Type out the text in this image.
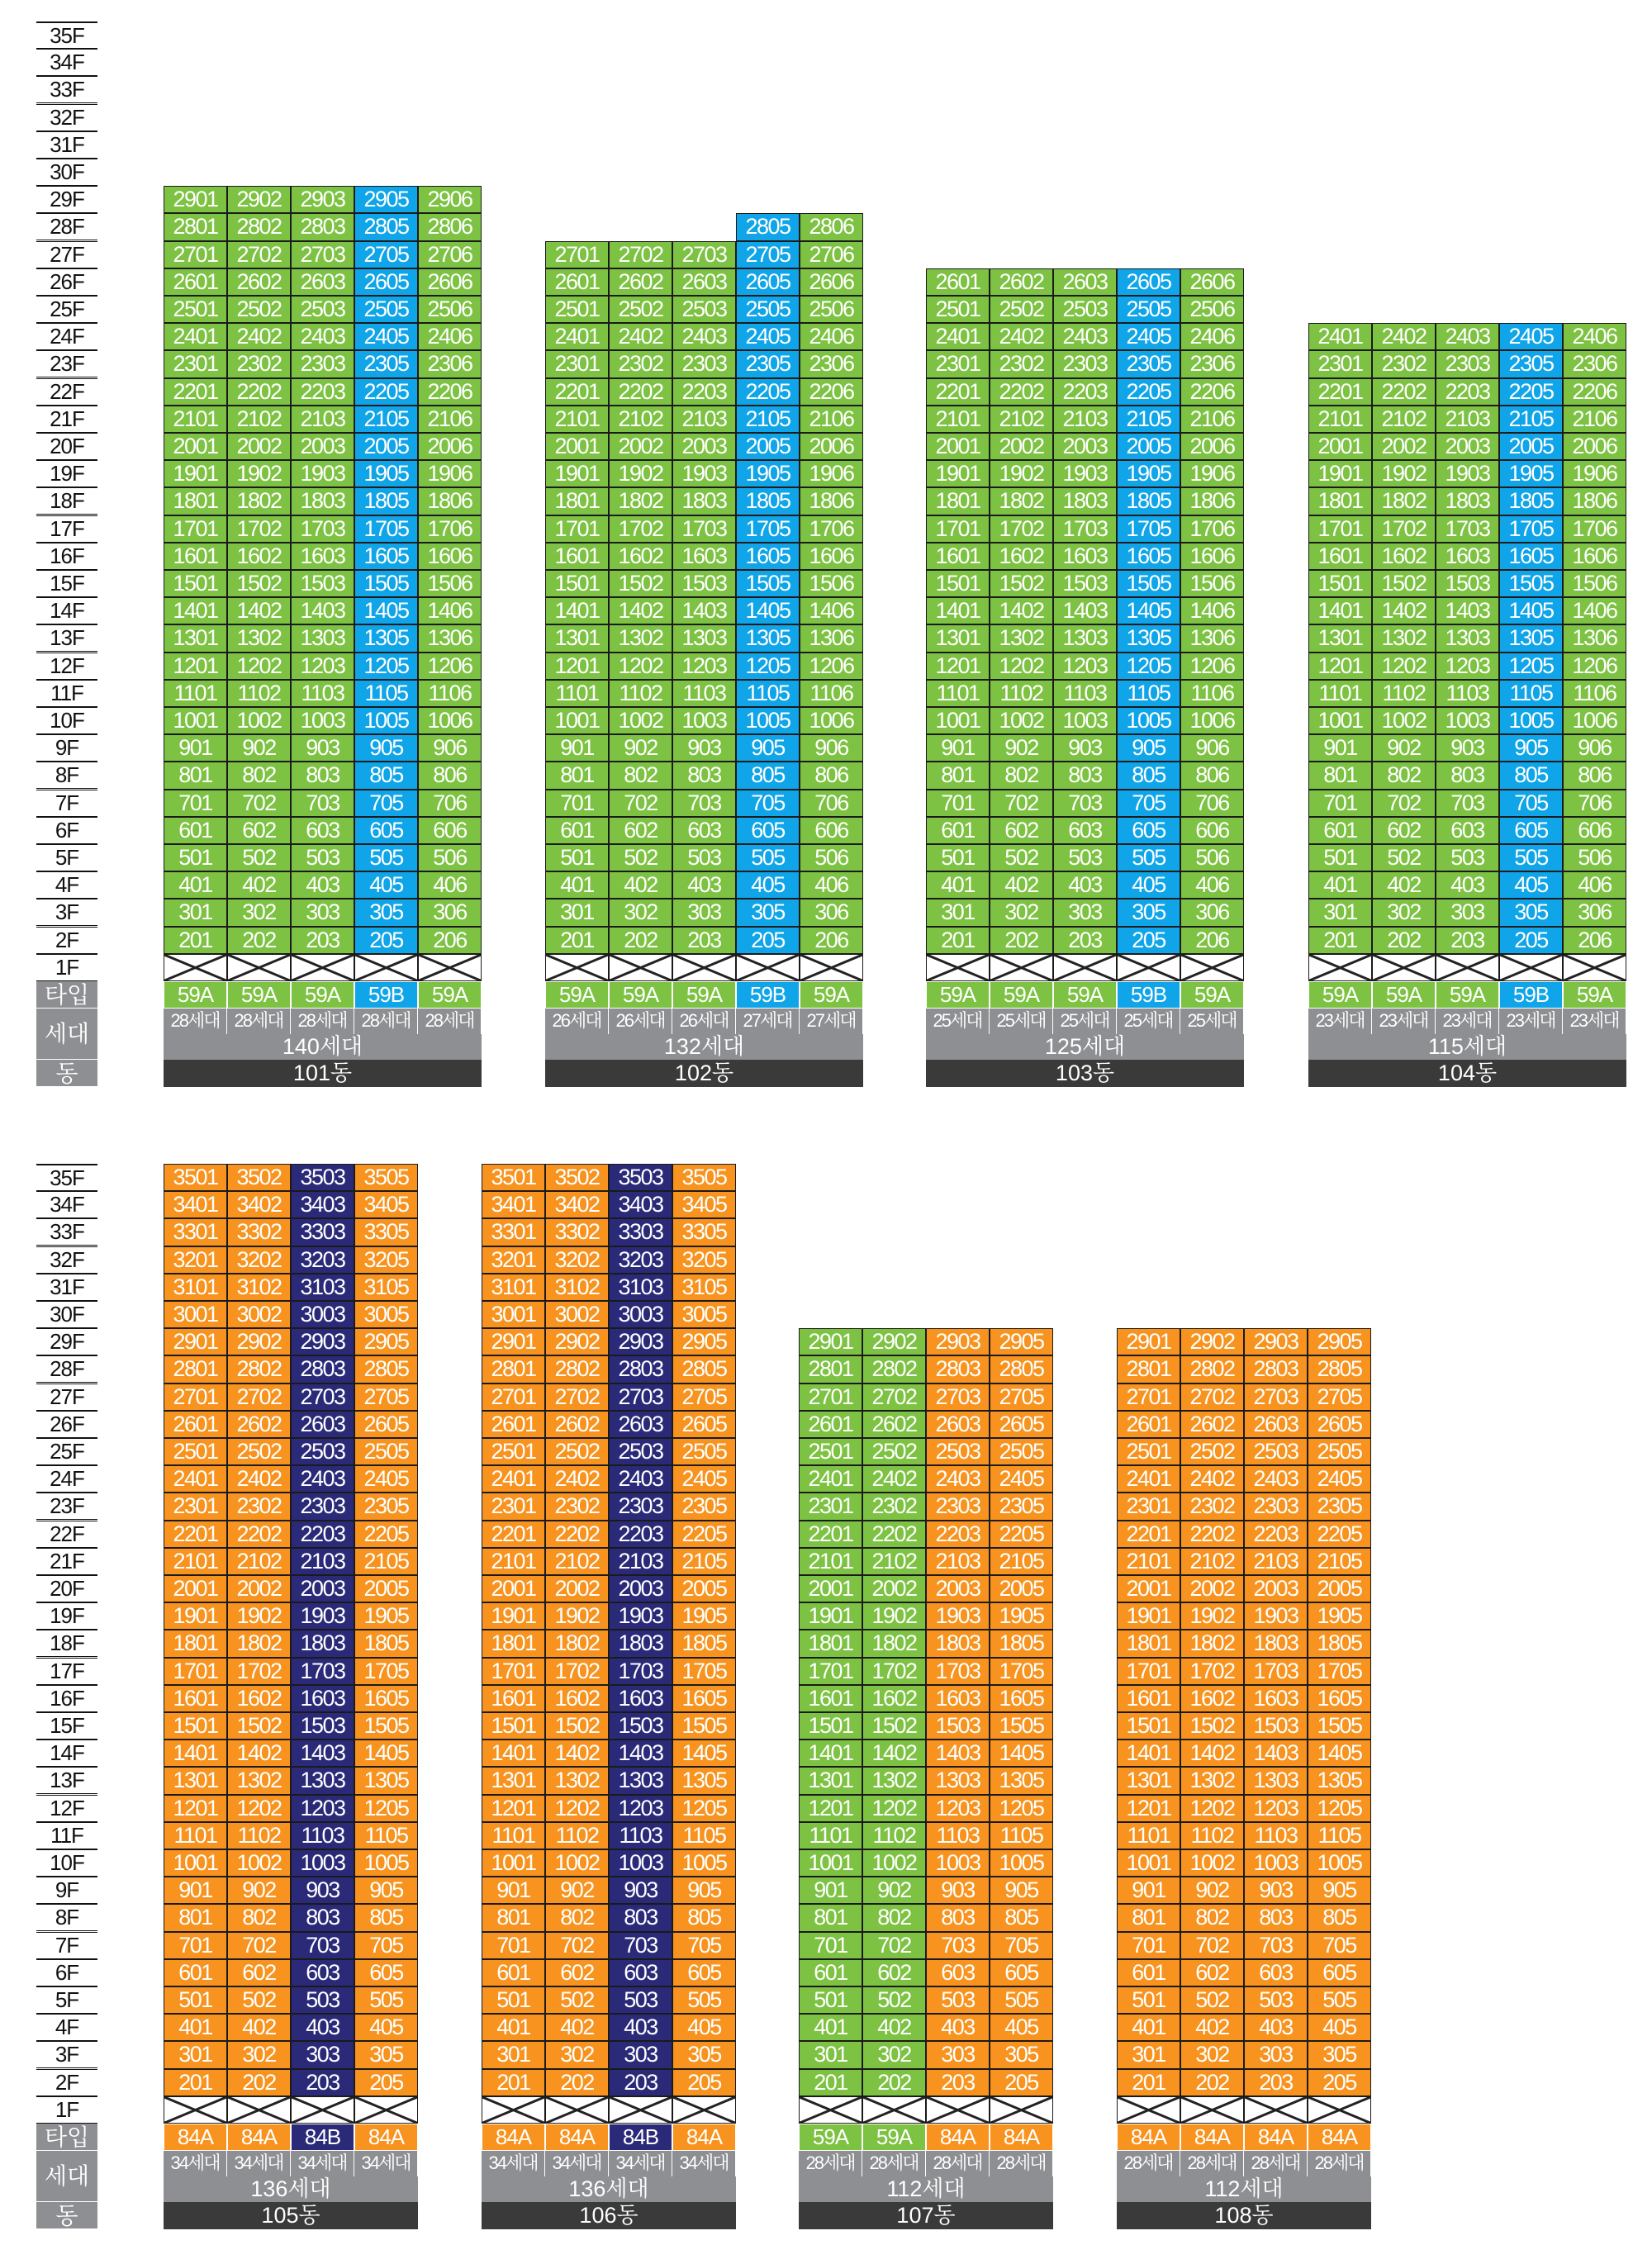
35F
34F
33F
32F
31F
30F
29F
28F
27F
26F
25F
24F
23F
22F
21F
20F
19F
18F
17F
16F
15F
14F
13F
12F
11F
10F
9F
8F
7F
6F
5F
4F
3F
2F
1F
타입
세대
동
2901
2801
2701
2601
2501
2401
2301
2201
2101
2001
1901
1801
1701
1601
1501
1401
1301
1201
1101
1001
901
801
701
601
501
401
301
201
59A
28세대
2902
2802
2702
2602
2502
2402
2302
2202
2102
2002
1902
1802
1702
1602
1502
1402
1302
1202
1102
1002
902
802
702
602
502
402
302
202
59A
28세대
2903
2803
2703
2603
2503
2403
2303
2203
2103
2003
1903
1803
1703
1603
1503
1403
1303
1203
1103
1003
903
803
703
603
503
403
303
203
59A
28세대
2905
2805
2705
2605
2505
2405
2305
2205
2105
2005
1905
1805
1705
1605
1505
1405
1305
1205
1105
1005
905
805
705
605
505
405
305
205
59B
28세대
2906
2806
2706
2606
2506
2406
2306
2206
2106
2006
1906
1806
1706
1606
1506
1406
1306
1206
1106
1006
906
806
706
606
506
406
306
206
59A
28세대
140세대
101동
2701
2601
2501
2401
2301
2201
2101
2001
1901
1801
1701
1601
1501
1401
1301
1201
1101
1001
901
801
701
601
501
401
301
201
59A
26세대
2702
2602
2502
2402
2302
2202
2102
2002
1902
1802
1702
1602
1502
1402
1302
1202
1102
1002
902
802
702
602
502
402
302
202
59A
26세대
2703
2603
2503
2403
2303
2203
2103
2003
1903
1803
1703
1603
1503
1403
1303
1203
1103
1003
903
803
703
603
503
403
303
203
59A
26세대
2805
2705
2605
2505
2405
2305
2205
2105
2005
1905
1805
1705
1605
1505
1405
1305
1205
1105
1005
905
805
705
605
505
405
305
205
59B
27세대
2806
2706
2606
2506
2406
2306
2206
2106
2006
1906
1806
1706
1606
1506
1406
1306
1206
1106
1006
906
806
706
606
506
406
306
206
59A
27세대
132세대
102동
2601
2501
2401
2301
2201
2101
2001
1901
1801
1701
1601
1501
1401
1301
1201
1101
1001
901
801
701
601
501
401
301
201
59A
25세대
2602
2502
2402
2302
2202
2102
2002
1902
1802
1702
1602
1502
1402
1302
1202
1102
1002
902
802
702
602
502
402
302
202
59A
25세대
2603
2503
2403
2303
2203
2103
2003
1903
1803
1703
1603
1503
1403
1303
1203
1103
1003
903
803
703
603
503
403
303
203
59A
25세대
2605
2505
2405
2305
2205
2105
2005
1905
1805
1705
1605
1505
1405
1305
1205
1105
1005
905
805
705
605
505
405
305
205
59B
25세대
2606
2506
2406
2306
2206
2106
2006
1906
1806
1706
1606
1506
1406
1306
1206
1106
1006
906
806
706
606
506
406
306
206
59A
25세대
125세대
103동
2401
2301
2201
2101
2001
1901
1801
1701
1601
1501
1401
1301
1201
1101
1001
901
801
701
601
501
401
301
201
59A
23세대
2402
2302
2202
2102
2002
1902
1802
1702
1602
1502
1402
1302
1202
1102
1002
902
802
702
602
502
402
302
202
59A
23세대
2403
2303
2203
2103
2003
1903
1803
1703
1603
1503
1403
1303
1203
1103
1003
903
803
703
603
503
403
303
203
59A
23세대
2405
2305
2205
2105
2005
1905
1805
1705
1605
1505
1405
1305
1205
1105
1005
905
805
705
605
505
405
305
205
59B
23세대
2406
2306
2206
2106
2006
1906
1806
1706
1606
1506
1406
1306
1206
1106
1006
906
806
706
606
506
406
306
206
59A
23세대
115세대
104동
35F
34F
33F
32F
31F
30F
29F
28F
27F
26F
25F
24F
23F
22F
21F
20F
19F
18F
17F
16F
15F
14F
13F
12F
11F
10F
9F
8F
7F
6F
5F
4F
3F
2F
1F
타입
세대
동
3501
3401
3301
3201
3101
3001
2901
2801
2701
2601
2501
2401
2301
2201
2101
2001
1901
1801
1701
1601
1501
1401
1301
1201
1101
1001
901
801
701
601
501
401
301
201
84A
34세대
3502
3402
3302
3202
3102
3002
2902
2802
2702
2602
2502
2402
2302
2202
2102
2002
1902
1802
1702
1602
1502
1402
1302
1202
1102
1002
902
802
702
602
502
402
302
202
84A
34세대
3503
3403
3303
3203
3103
3003
2903
2803
2703
2603
2503
2403
2303
2203
2103
2003
1903
1803
1703
1603
1503
1403
1303
1203
1103
1003
903
803
703
603
503
403
303
203
84B
34세대
3505
3405
3305
3205
3105
3005
2905
2805
2705
2605
2505
2405
2305
2205
2105
2005
1905
1805
1705
1605
1505
1405
1305
1205
1105
1005
905
805
705
605
505
405
305
205
84A
34세대
136세대
105동
3501
3401
3301
3201
3101
3001
2901
2801
2701
2601
2501
2401
2301
2201
2101
2001
1901
1801
1701
1601
1501
1401
1301
1201
1101
1001
901
801
701
601
501
401
301
201
84A
34세대
3502
3402
3302
3202
3102
3002
2902
2802
2702
2602
2502
2402
2302
2202
2102
2002
1902
1802
1702
1602
1502
1402
1302
1202
1102
1002
902
802
702
602
502
402
302
202
84A
34세대
3503
3403
3303
3203
3103
3003
2903
2803
2703
2603
2503
2403
2303
2203
2103
2003
1903
1803
1703
1603
1503
1403
1303
1203
1103
1003
903
803
703
603
503
403
303
203
84B
34세대
3505
3405
3305
3205
3105
3005
2905
2805
2705
2605
2505
2405
2305
2205
2105
2005
1905
1805
1705
1605
1505
1405
1305
1205
1105
1005
905
805
705
605
505
405
305
205
84A
34세대
136세대
106동
2901
2801
2701
2601
2501
2401
2301
2201
2101
2001
1901
1801
1701
1601
1501
1401
1301
1201
1101
1001
901
801
701
601
501
401
301
201
59A
28세대
2902
2802
2702
2602
2502
2402
2302
2202
2102
2002
1902
1802
1702
1602
1502
1402
1302
1202
1102
1002
902
802
702
602
502
402
302
202
59A
28세대
2903
2803
2703
2603
2503
2403
2303
2203
2103
2003
1903
1803
1703
1603
1503
1403
1303
1203
1103
1003
903
803
703
603
503
403
303
203
84A
28세대
2905
2805
2705
2605
2505
2405
2305
2205
2105
2005
1905
1805
1705
1605
1505
1405
1305
1205
1105
1005
905
805
705
605
505
405
305
205
84A
28세대
112세대
107동
2901
2801
2701
2601
2501
2401
2301
2201
2101
2001
1901
1801
1701
1601
1501
1401
1301
1201
1101
1001
901
801
701
601
501
401
301
201
84A
28세대
2902
2802
2702
2602
2502
2402
2302
2202
2102
2002
1902
1802
1702
1602
1502
1402
1302
1202
1102
1002
902
802
702
602
502
402
302
202
84A
28세대
2903
2803
2703
2603
2503
2403
2303
2203
2103
2003
1903
1803
1703
1603
1503
1403
1303
1203
1103
1003
903
803
703
603
503
403
303
203
84A
28세대
2905
2805
2705
2605
2505
2405
2305
2205
2105
2005
1905
1805
1705
1605
1505
1405
1305
1205
1105
1005
905
805
705
605
505
405
305
205
84A
28세대
112세대
108동
